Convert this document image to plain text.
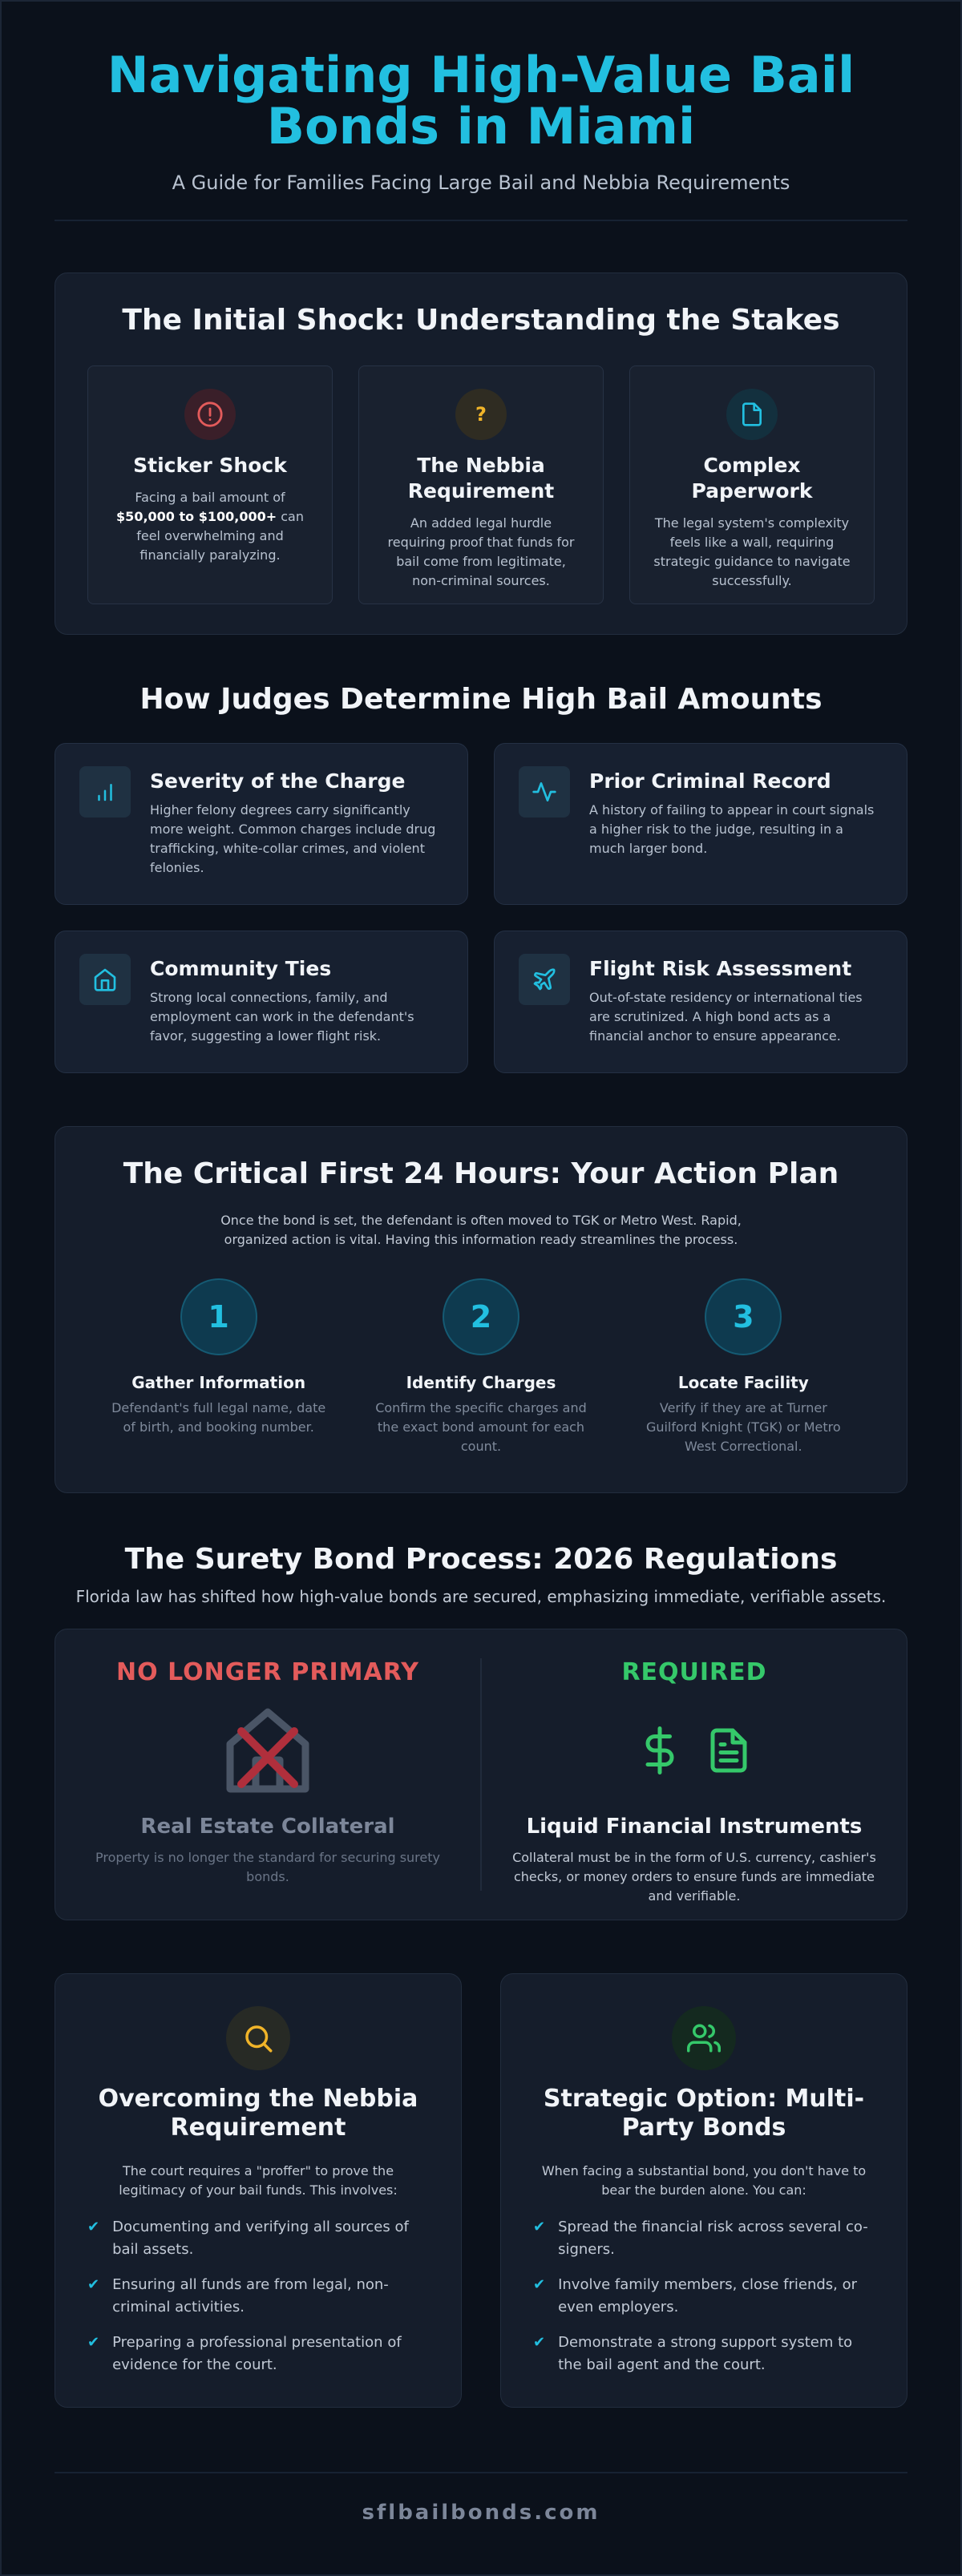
Navigating High-Value Bail Bonds in Miami

A Guide for Families Facing Large Bail and Nebbia Requirements

The Initial Shock: Understanding the Stakes
Sticker Shock

Facing a bail amount of $50,000 to $100,000+ can feel overwhelming and financially paralyzing.

?
The Nebbia Requirement

An added legal hurdle requiring proof that funds for bail come from legitimate, non-criminal sources.

Complex Paperwork

The legal system's complexity feels like a wall, requiring strategic guidance to navigate successfully.

How Judges Determine High Bail Amounts
Severity of the Charge

Higher felony degrees carry significantly more weight. Common charges include drug trafficking, white-collar crimes, and violent felonies.

Prior Criminal Record

A history of failing to appear in court signals a higher risk to the judge, resulting in a much larger bond.

Community Ties

Strong local connections, family, and employment can work in the defendant's favor, suggesting a lower flight risk.

Flight Risk Assessment

Out-of-state residency or international ties are scrutinized. A high bond acts as a financial anchor to ensure appearance.

The Critical First 24 Hours: Your Action Plan

Once the bond is set, the defendant is often moved to TGK or Metro West. Rapid, organized action is vital. Having this information ready streamlines the process.

1
Gather Information

Defendant's full legal name, date of birth, and booking number.

2
Identify Charges

Confirm the specific charges and the exact bond amount for each count.

3
Locate Facility

Verify if they are at Turner Guilford Knight (TGK) or Metro West Correctional.

The Surety Bond Process: 2026 Regulations

Florida law has shifted how high-value bonds are secured, emphasizing immediate, verifiable assets.

NO LONGER PRIMARY
Real Estate Collateral

Property is no longer the standard for securing surety bonds.

REQUIRED
Liquid Financial Instruments

Collateral must be in the form of U.S. currency, cashier's checks, or money orders to ensure funds are immediate and verifiable.

Overcoming the Nebbia Requirement

The court requires a "proffer" to prove the legitimacy of your bail funds. This involves:

✔ Documenting and verifying all sources of bail assets.
✔ Ensuring all funds are from legal, non-criminal activities.
✔ Preparing a professional presentation of evidence for the court.
Strategic Option: Multi-Party Bonds

When facing a substantial bond, you don't have to bear the burden alone. You can:

✔ Spread the financial risk across several co-signers.
✔ Involve family members, close friends, or even employers.
✔ Demonstrate a strong support system to the bail agent and the court.
sflbailbonds.com
